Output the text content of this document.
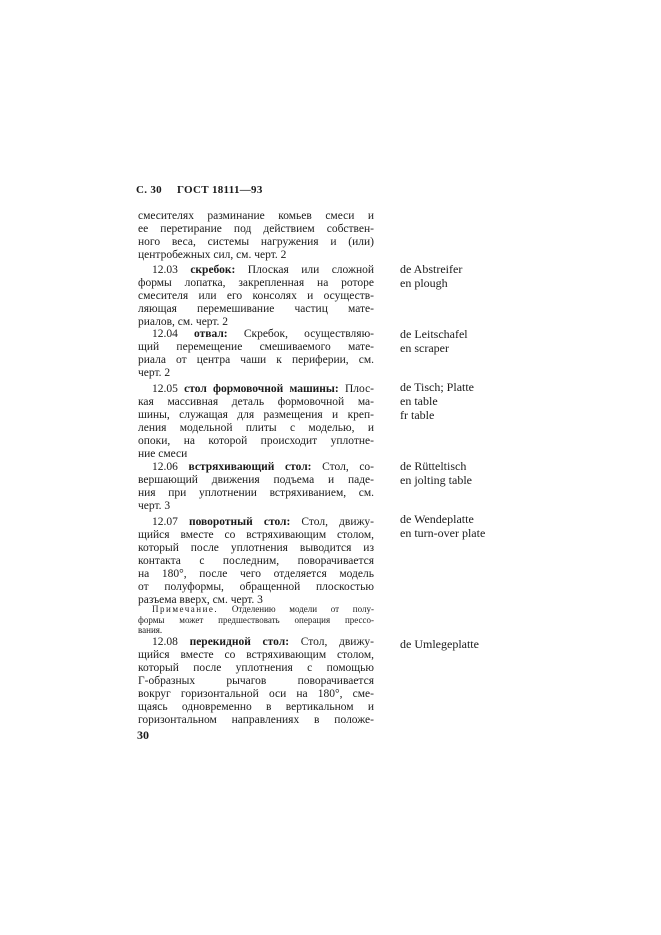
С. 30 ГОСТ 18111—93
смесителях разминание комьев смеси и
ее перетирание под действием собствен-
ного веса, системы нагружения и (или)
центробежных сил, см. черт. 2
12.03 скребок: Плоская или сложной
формы лопатка, закрепленная на роторе
смесителя или его консолях и осуществ-
ляющая перемешивание частиц мате-
риалов, см. черт. 2
de Abstreifer
en plough
12.04 отвал: Скребок, осуществляю-
щий перемещение смешиваемого мате-
риала от центра чаши к периферии, см.
черт. 2
de Leitschafel
en scraper
12.05 стол формовочной машины: Плос-
кая массивная деталь формовочной ма-
шины, служащая для размещения и креп-
ления модельной плиты с моделью, и
опоки, на которой происходит уплотне-
ние смеси
de Tisch; Platte
en table
fr table
12.06 встряхивающий стол: Стол, со-
вершающий движения подъема и паде-
ния при уплотнении встряхиванием, см.
черт. 3
de Rütteltisch
en jolting table
12.07 поворотный стол: Стол, движу-
щийся вместе со встряхивающим столом,
который после уплотнения выводится из
контакта с последним, поворачивается
на 180°, после чего отделяется модель
от полуформы, обращенной плоскостью
разъема вверх, см. черт. 3
de Wendeplatte
en turn-over plate
Примечание. Отделению модели от полу-
формы может предшествовать операция прессо-
вания.
12.08 перекидной стол: Стол, движу-
щийся вместе со встряхивающим столом,
который после уплотнения с помощью
Г-образных рычагов поворачивается
вокруг горизонтальной оси на 180°, сме-
щаясь одновременно в вертикальном и
горизонтальном направлениях в положе-
de Umlegeplatte
30
